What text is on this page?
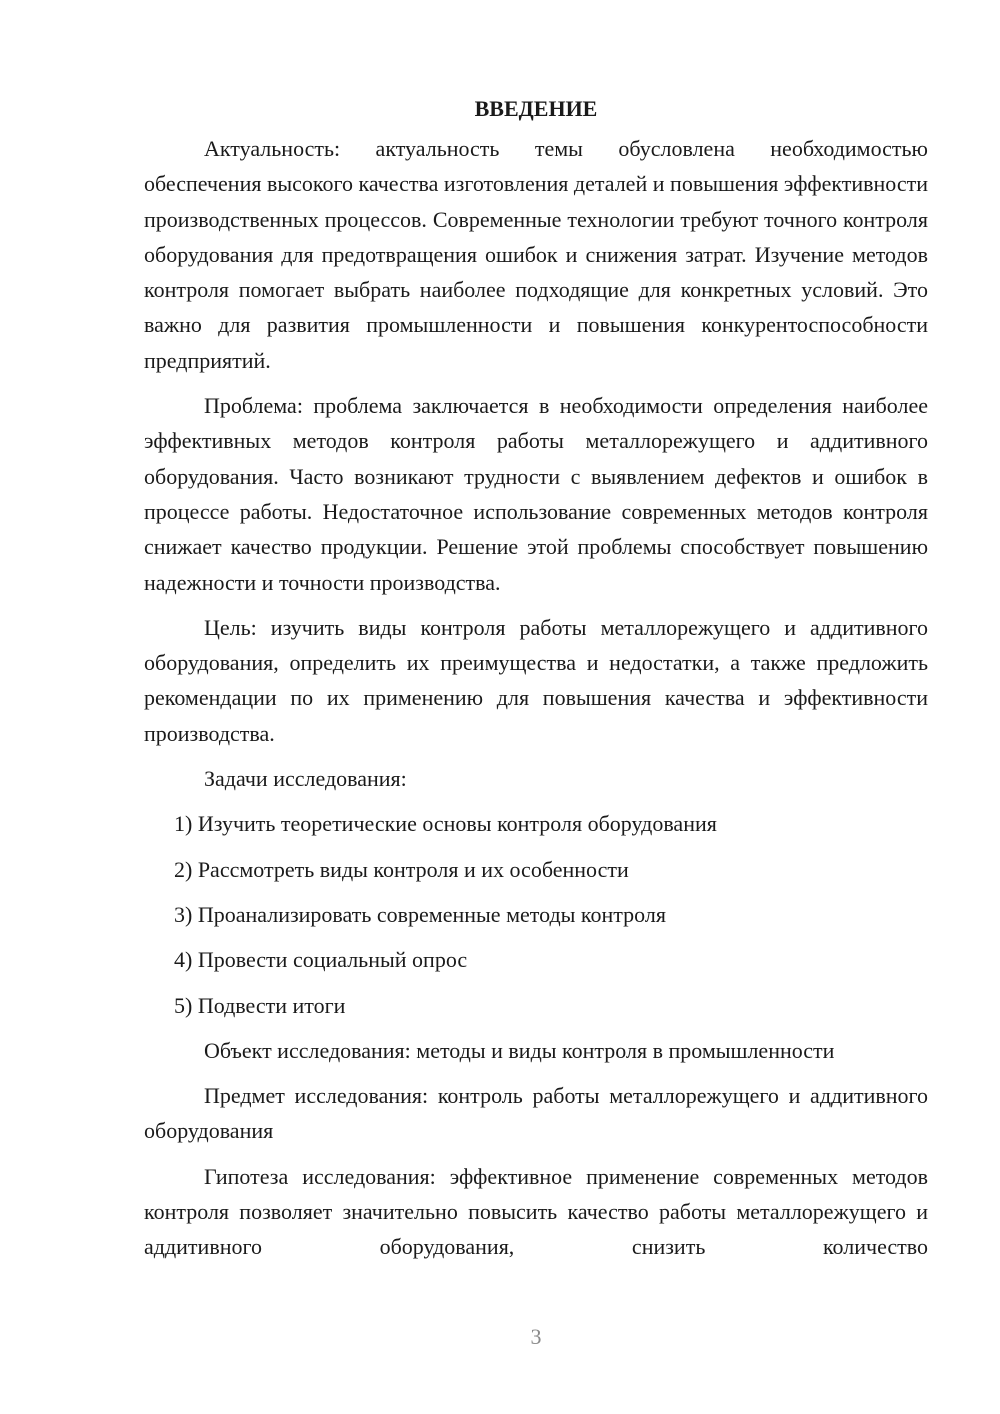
ВВЕДЕНИЕ

Актуальность: актуальность темы обусловлена необходимостью обеспечения высокого качества изготовления деталей и повышения эффективности производственных процессов. Современные технологии требуют точного контроля оборудования для предотвращения ошибок и снижения затрат. Изучение методов контроля помогает выбрать наиболее подходящие для конкретных условий. Это важно для развития промышленности и повышения конкурентоспособности предприятий.

Проблема: проблема заключается в необходимости определения наиболее эффективных методов контроля работы металлорежущего и аддитивного оборудования. Часто возникают трудности с выявлением дефектов и ошибок в процессе работы. Недостаточное использование современных методов контроля снижает качество продукции. Решение этой проблемы способствует повышению надежности и точности производства.

Цель: изучить виды контроля работы металлорежущего и аддитивного оборудования, определить их преимущества и недостатки, а также предложить рекомендации по их применению для повышения качества и эффективности производства.

Задачи исследования:

1) Изучить теоретические основы контроля оборудования
2) Рассмотреть виды контроля и их особенности
3) Проанализировать современные методы контроля
4) Провести социальный опрос
5) Подвести итоги

Объект исследования: методы и виды контроля в промышленности

Предмет исследования: контроль работы металлорежущего и аддитивного оборудования

Гипотеза исследования: эффективное применение современных методов контроля позволяет значительно повысить качество работы металлорежущего и аддитивного оборудования, снизить количество

3
